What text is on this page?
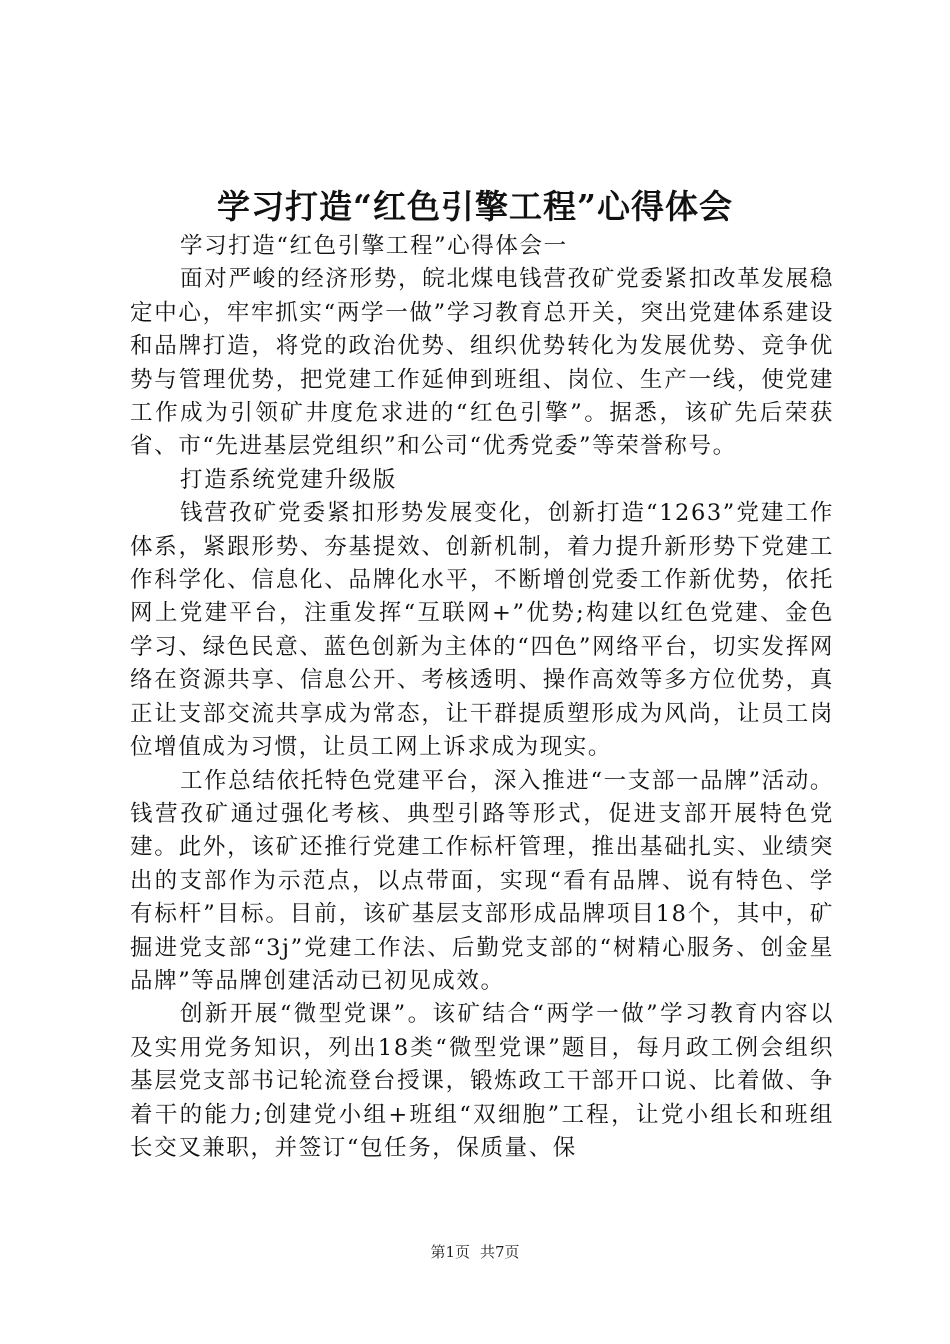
学习打造“红色引擎工程”心得体会

学习打造“红色引擎工程”心得体会一

面对严峻的经济形势，皖北煤电钱营孜矿党委紧扣改革发展稳定中心，牢牢抓实“两学一做”学习教育总开关，突出党建体系建设和品牌打造，将党的政治优势、组织优势转化为发展优势、竞争优势与管理优势，把党建工作延伸到班组、岗位、生产一线，使党建工作成为引领矿井度危求进的“红色引擎”。据悉，该矿先后荣获省、市“先进基层党组织”和公司“优秀党委”等荣誉称号。

打造系统党建升级版

钱营孜矿党委紧扣形势发展变化，创新打造“1263”党建工作体系，紧跟形势、夯基提效、创新机制，着力提升新形势下党建工作科学化、信息化、品牌化水平，不断增创党委工作新优势，依托网上党建平台，注重发挥“互联网+”优势;构建以红色党建、金色学习、绿色民意、蓝色创新为主体的“四色”网络平台，切实发挥网络在资源共享、信息公开、考核透明、操作高效等多方位优势，真正让支部交流共享成为常态，让干群提质塑形成为风尚，让员工岗位增值成为习惯，让员工网上诉求成为现实。

工作总结依托特色党建平台，深入推进“一支部一品牌”活动。钱营孜矿通过强化考核、典型引路等形式，促进支部开展特色党建。此外，该矿还推行党建工作标杆管理，推出基础扎实、业绩突出的支部作为示范点，以点带面，实现“看有品牌、说有特色、学有标杆”目标。目前，该矿基层支部形成品牌项目18个，其中，矿掘进党支部“3j”党建工作法、后勤党支部的“树精心服务、创金星品牌”等品牌创建活动已初见成效。

创新开展“微型党课”。该矿结合“两学一做”学习教育内容以及实用党务知识，列出18类“微型党课”题目，每月政工例会组织基层党支部书记轮流登台授课，锻炼政工干部开口说、比着做、争着干的能力;创建党小组+班组“双细胞”工程，让党小组长和班组长交叉兼职，并签订“包任务，保质量、保

第1页 共7页
